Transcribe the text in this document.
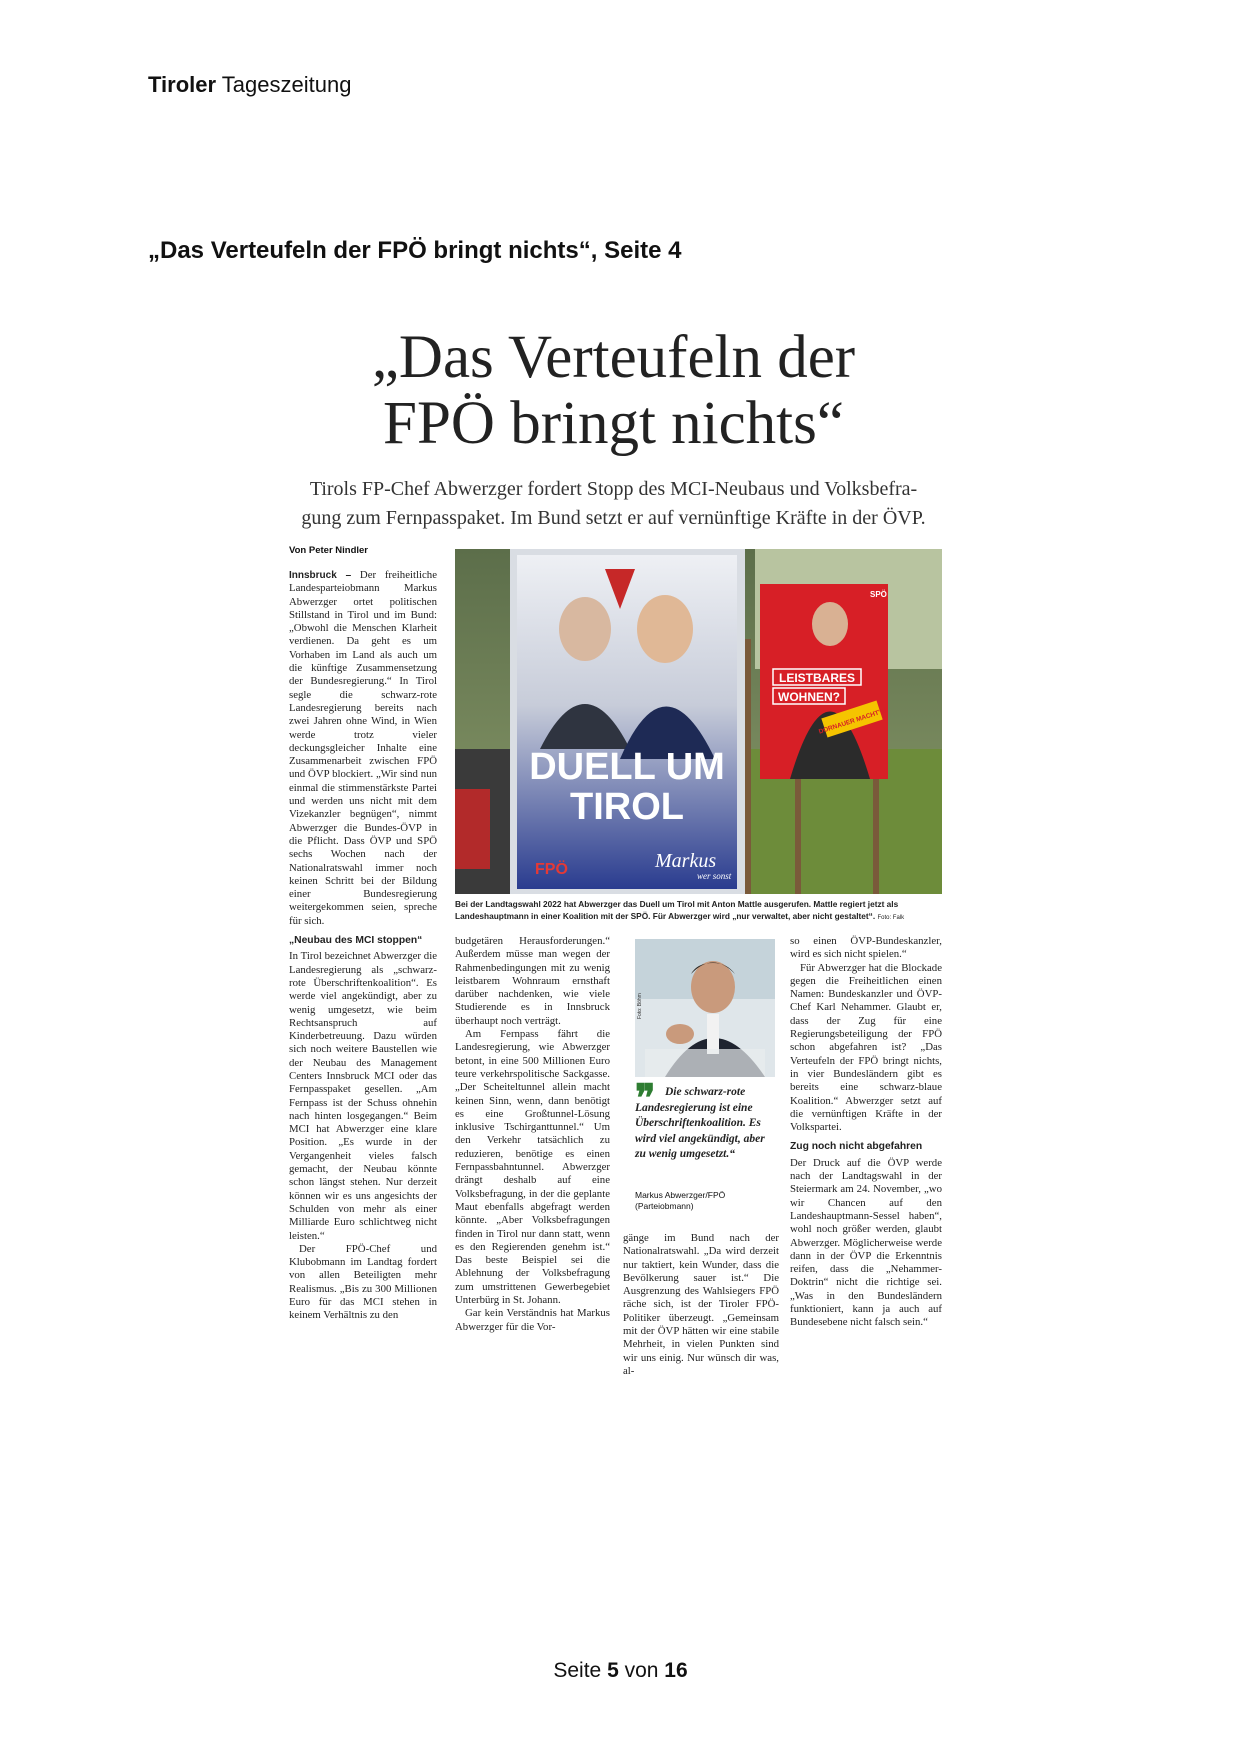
Tiroler Tageszeitung
„Das Verteufeln der FPÖ bringt nichts“, Seite 4
„Das Verteufeln der
FPÖ bringt nichts“
Tirols FP-Chef Abwerzger fordert Stopp des MCI-Neubaus und Volksbefra-
gung zum Fernpasspaket. Im Bund setzt er auf vernünftige Kräfte in der ÖVP.
Von Peter Nindler

Innsbruck – Der freiheitliche Landesparteiobmann Markus Abwerzger ortet politischen Stillstand in Tirol und im Bund: „Obwohl die Menschen Klarheit verdienen. Da geht es um Vorhaben im Land als auch um die künftige Zusammensetzung der Bundesregierung.“ In Tirol segle die schwarz-rote Landesregierung bereits nach zwei Jahren ohne Wind, in Wien werde trotz vieler deckungsgleicher Inhalte eine Zusammenarbeit zwischen FPÖ und ÖVP blockiert. „Wir sind nun einmal die stimmenstärkste Partei und werden uns nicht mit dem Vizekanzler begnügen“, nimmt Abwerzger die Bundes-ÖVP in die Pflicht. Dass ÖVP und SPÖ sechs Wochen nach der Nationalratswahl immer noch keinen Schritt bei der Bildung einer Bundesregierung weitergekommen seien, spreche für sich.

„Neubau des MCI stoppen“

In Tirol bezeichnet Abwerzger die Landesregierung als „schwarz-rote Überschriftenkoalition“. Es werde viel angekündigt, aber zu wenig umgesetzt, wie beim Rechtsanspruch auf Kinderbetreuung. Dazu würden sich noch weitere Baustellen wie der Neubau des Management Centers Innsbruck MCI oder das Fernpasspaket gesellen. „Am Fernpass ist der Schuss ohnehin nach hinten losgegangen.“ Beim MCI hat Abwerzger eine klare Position. „Es wurde in der Vergangenheit vieles falsch gemacht, der Neubau könnte schon längst stehen. Nur derzeit können wir es uns angesichts der Schulden von mehr als einer Milliarde Euro schlichtweg nicht leisten.“

Der FPÖ-Chef und Klubobmann im Landtag fordert von allen Beteiligten mehr Realismus. „Bis zu 300 Millionen Euro für das MCI stehen in keinem Verhältnis zu den

DUELL UM
TIROL
FPÖ	Markus
wer sonst
LEISTBARES
WOHNEN?
DORNAUER MACHT'S!
SPÖ
Bei der Landtagswahl 2022 hat Abwerzger das Duell um Tirol mit Anton Mattle ausgerufen. Mattle regiert jetzt als Landeshauptmann in einer Koalition mit der SPÖ. Für Abwerzger wird „nur verwaltet, aber nicht gestaltet“. Foto: Falk

budgetären Herausforderungen.“ Außerdem müsse man wegen der Rahmenbedingungen mit zu wenig leistbarem Wohnraum ernsthaft darüber nachdenken, wie viele Studierende es in Innsbruck überhaupt noch verträgt.

Am Fernpass fährt die Landesregierung, wie Abwerzger betont, in eine 500 Millionen Euro teure verkehrspolitische Sackgasse. „Der Scheiteltunnel allein macht keinen Sinn, wenn, dann benötigt es eine Großtunnel-Lösung inklusive Tschirganttunnel.“ Um den Verkehr tatsächlich zu reduzieren, benötige es einen Fernpassbahntunnel. Abwerzger drängt deshalb auf eine Volksbefragung, in der die geplante Maut ebenfalls abgefragt werden könnte. „Aber Volksbefragungen finden in Tirol nur dann statt, wenn es den Regierenden genehm ist.“ Das beste Beispiel sei die Ablehnung der Volksbefragung zum umstrittenen Gewerbegebiet Unterbürg in St. Johann.

Gar kein Verständnis hat Markus Abwerzger für die Vor-

Foto: Böhm
❞ Die schwarz-rote Landesregierung ist eine Überschriftenkoalition. Es wird viel angekündigt, aber zu wenig umgesetzt.“
Markus Abwerzger/FPÖ
(Parteiobmann)

gänge im Bund nach der Nationalratswahl. „Da wird derzeit nur taktiert, kein Wunder, dass die Bevölkerung sauer ist.“ Die Ausgrenzung des Wahlsiegers FPÖ räche sich, ist der Tiroler FPÖ-Politiker überzeugt. „Gemeinsam mit der ÖVP hätten wir eine stabile Mehrheit, in vielen Punkten sind wir uns einig. Nur wünsch dir was, al-

so einen ÖVP-Bundeskanzler, wird es sich nicht spielen.“

Für Abwerzger hat die Blockade gegen die Freiheitlichen einen Namen: Bundeskanzler und ÖVP-Chef Karl Nehammer. Glaubt er, dass der Zug für eine Regierungsbeteiligung der FPÖ schon abgefahren ist? „Das Verteufeln der FPÖ bringt nichts, in vier Bundesländern gibt es bereits eine schwarz-blaue Koalition.“ Abwerzger setzt auf die vernünftigen Kräfte in der Volkspartei.

Zug noch nicht abgefahren

Der Druck auf die ÖVP werde nach der Landtagswahl in der Steiermark am 24. November, „wo wir Chancen auf den Landeshauptmann-Sessel haben“, wohl noch größer werden, glaubt Abwerzger. Möglicherweise werde dann in der ÖVP die Erkenntnis reifen, dass die „Nehammer-Doktrin“ nicht die richtige sei. „Was in den Bundesländern funktioniert, kann ja auch auf Bundesebene nicht falsch sein.“

Seite 5 von 16
